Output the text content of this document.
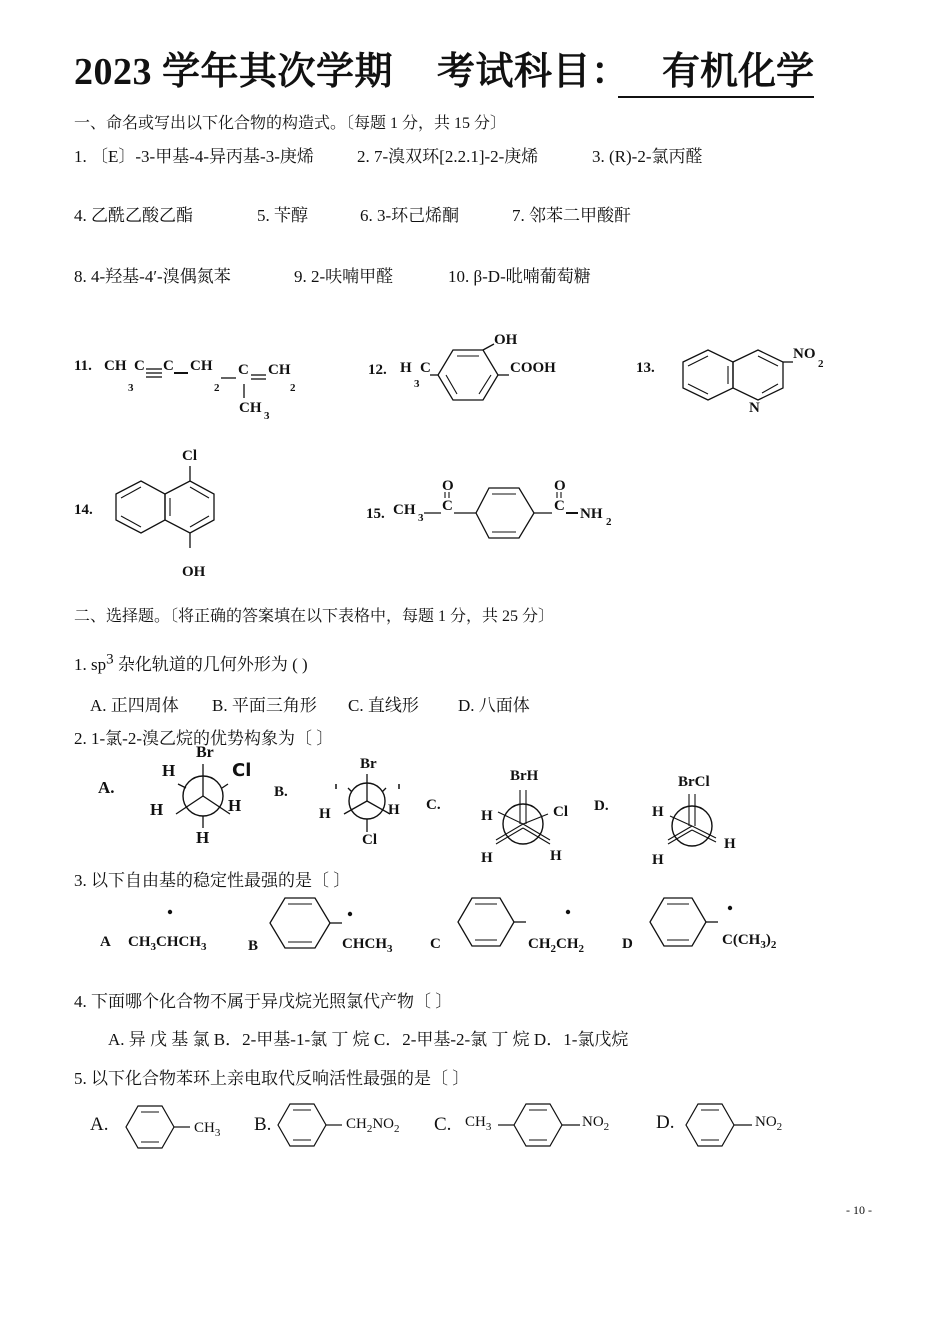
2023 学年其次学期 考试科目： 有机化学
一、命名或写出以下化合物的构造式。〔每题 1 分，共 15 分〕
1. 〔E〕-3-甲基-4-异丙基-3-庚烯	2. 7-溴双环[2.2.1]-2-庚烯	3. (R)-2-氯丙醛
4. 乙酰乙酸乙酯	5. 苄醇	6. 3-环己烯酮	7. 邻苯二甲酸酐
8. 4-羟基-4′-溴偶氮苯	9. 2-呋喃甲醛	10. β-D-吡喃葡萄糖
11. CH C C CH C CH
3	2	2
CH 3
12. H C
3
OH
COOH	13.
NO
2
N
14.
Cl
OH
15. CH 3
C
O
C
O
NH 2
二、选择题。〔将正确的答案填在以下表格中，每题 1 分，共 25 分〕
1. $sp^3$ 杂化轨道的几何外形为 ( )
A. 正四周体 B. 平面三角形 C. 直线形 D. 八面体
2. 1-氯-2-溴乙烷的优势构象为〔 〕
A.
Br
Cl
H
H	H
H
B.
Br
Cl
H	H C.
BrH
Cl
H
H	H
D.
BrCl
H
H
H
3. 以下自由基的稳定性最强的是〔 〕
A $CH_3CHCH_3$	B	$CHCH_3$	C	$CH_2CH_2$	D	$C(CH_3)_2$
4. 下面哪个化合物不属于异戊烷光照氯代产物〔 〕
A. 异 戊 基 氯 B．2-甲基-1-氯 丁 烷 C．2-甲基-2-氯 丁 烷 D．1-氯戊烷
5. 以下化合物苯环上亲电取代反响活性最强的是〔 〕
A.	$CH_3$ B.	$CH_2NO_2$ C. $CH_3$	$NO_2$ D.	$NO_2$
- 10 -
